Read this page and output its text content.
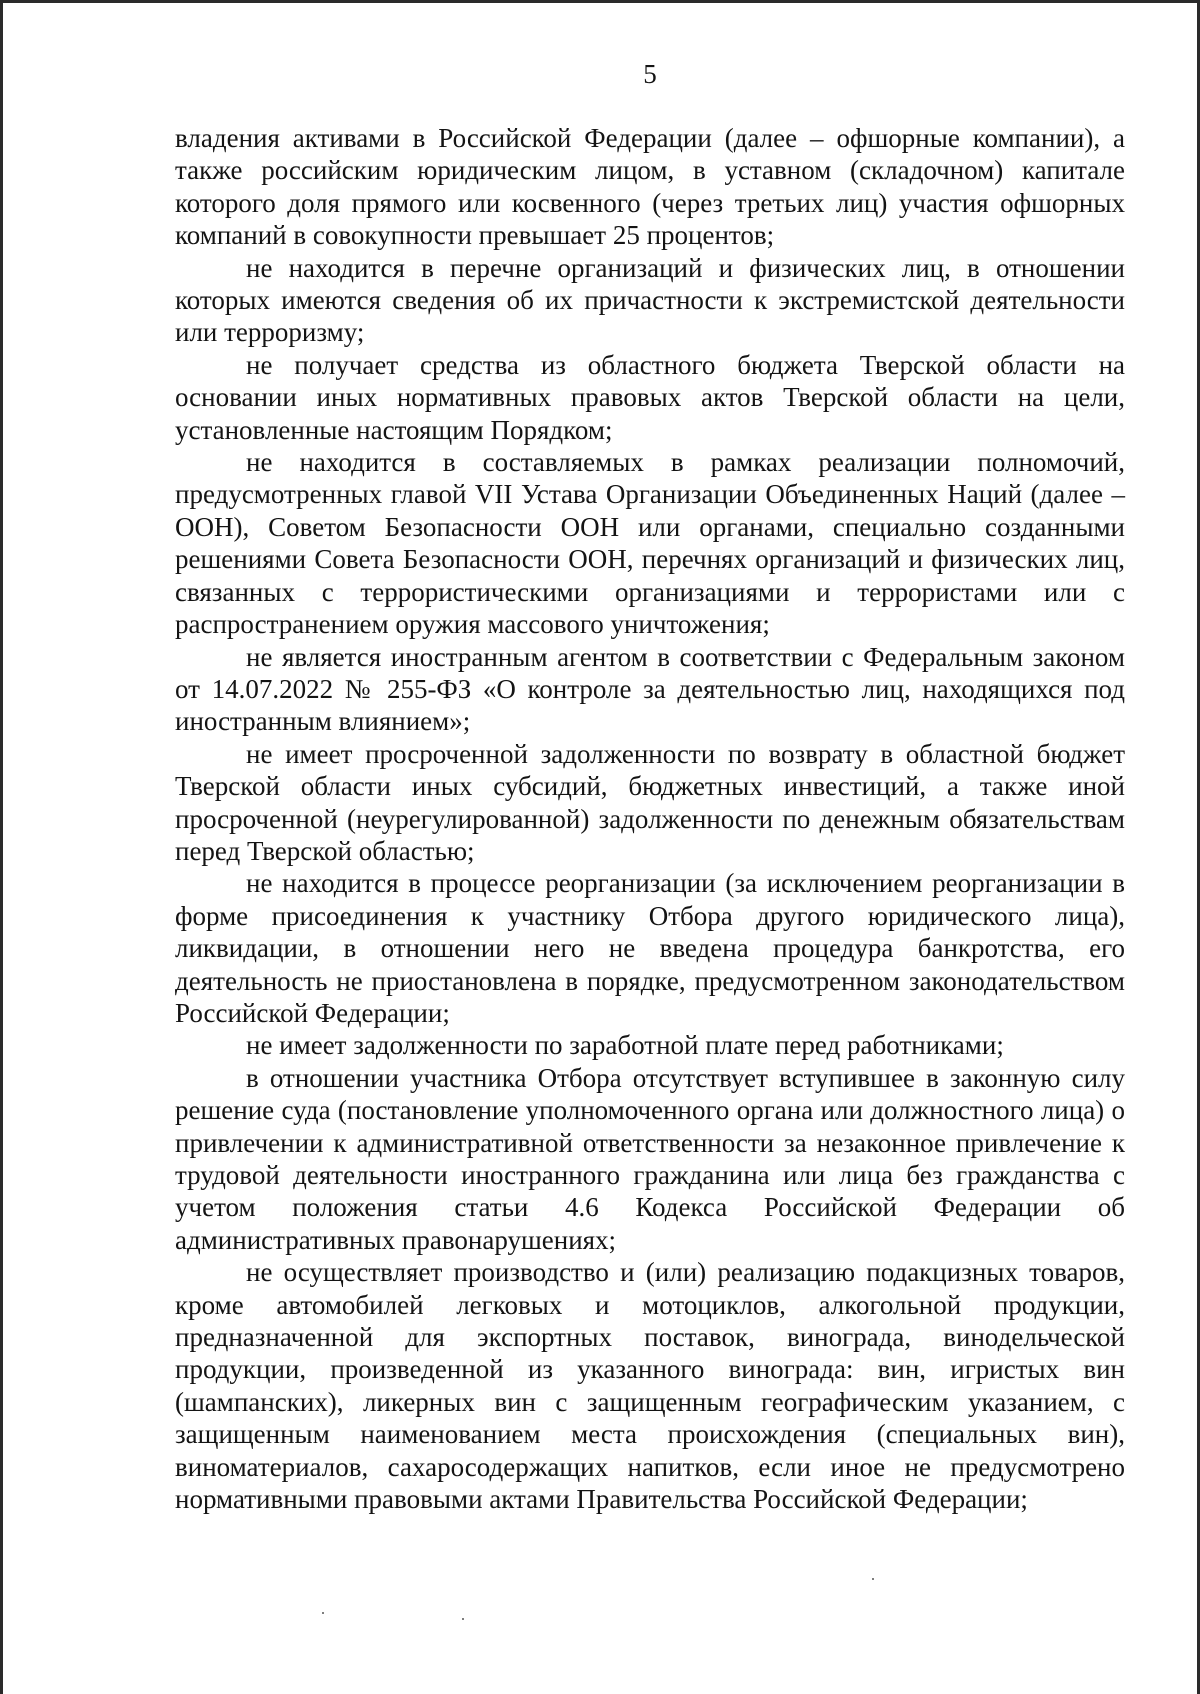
5

владения активами в Российской Федерации (далее – офшорные компании), а также российским юридическим лицом, в уставном (складочном) капитале которого доля прямого или косвенного (через третьих лиц) участия офшорных компаний в совокупности превышает 25 процентов;

не находится в перечне организаций и физических лиц, в отношении которых имеются сведения об их причастности к экстремистской деятельности или терроризму;

не получает средства из областного бюджета Тверской области на основании иных нормативных правовых актов Тверской области на цели, установленные настоящим Порядком;

не находится в составляемых в рамках реализации полномочий, предусмотренных главой VII Устава Организации Объединенных Наций (далее – ООН), Советом Безопасности ООН или органами, специально созданными решениями Совета Безопасности ООН, перечнях организаций и физических лиц, связанных с террористическими организациями и террористами или с распространением оружия массового уничтожения;

не является иностранным агентом в соответствии с Федеральным законом от 14.07.2022 № 255-ФЗ «О контроле за деятельностью лиц, находящихся под иностранным влиянием»;

не имеет просроченной задолженности по возврату в областной бюджет Тверской области иных субсидий, бюджетных инвестиций, а также иной просроченной (неурегулированной) задолженности по денежным обязательствам перед Тверской областью;

не находится в процессе реорганизации (за исключением реорганизации в форме присоединения к участнику Отбора другого юридического лица), ликвидации, в отношении него не введена процедура банкротства, его деятельность не приостановлена в порядке, предусмотренном законодательством Российской Федерации;

не имеет задолженности по заработной плате перед работниками;

в отношении участника Отбора отсутствует вступившее в законную силу решение суда (постановление уполномоченного органа или должностного лица) о привлечении к административной ответственности за незаконное привлечение к трудовой деятельности иностранного гражданина или лица без гражданства с учетом положения статьи 4.6 Кодекса Российской Федерации об административных правонарушениях;

не осуществляет производство и (или) реализацию подакцизных товаров, кроме автомобилей легковых и мотоциклов, алкогольной продукции, предназначенной для экспортных поставок, винограда, винодельческой продукции, произведенной из указанного винограда: вин, игристых вин (шампанских), ликерных вин с защищенным географическим указанием, с защищенным наименованием места происхождения (специальных вин), виноматериалов, сахаросодержащих напитков, если иное не предусмотрено нормативными правовыми актами Правительства Российской Федерации;
